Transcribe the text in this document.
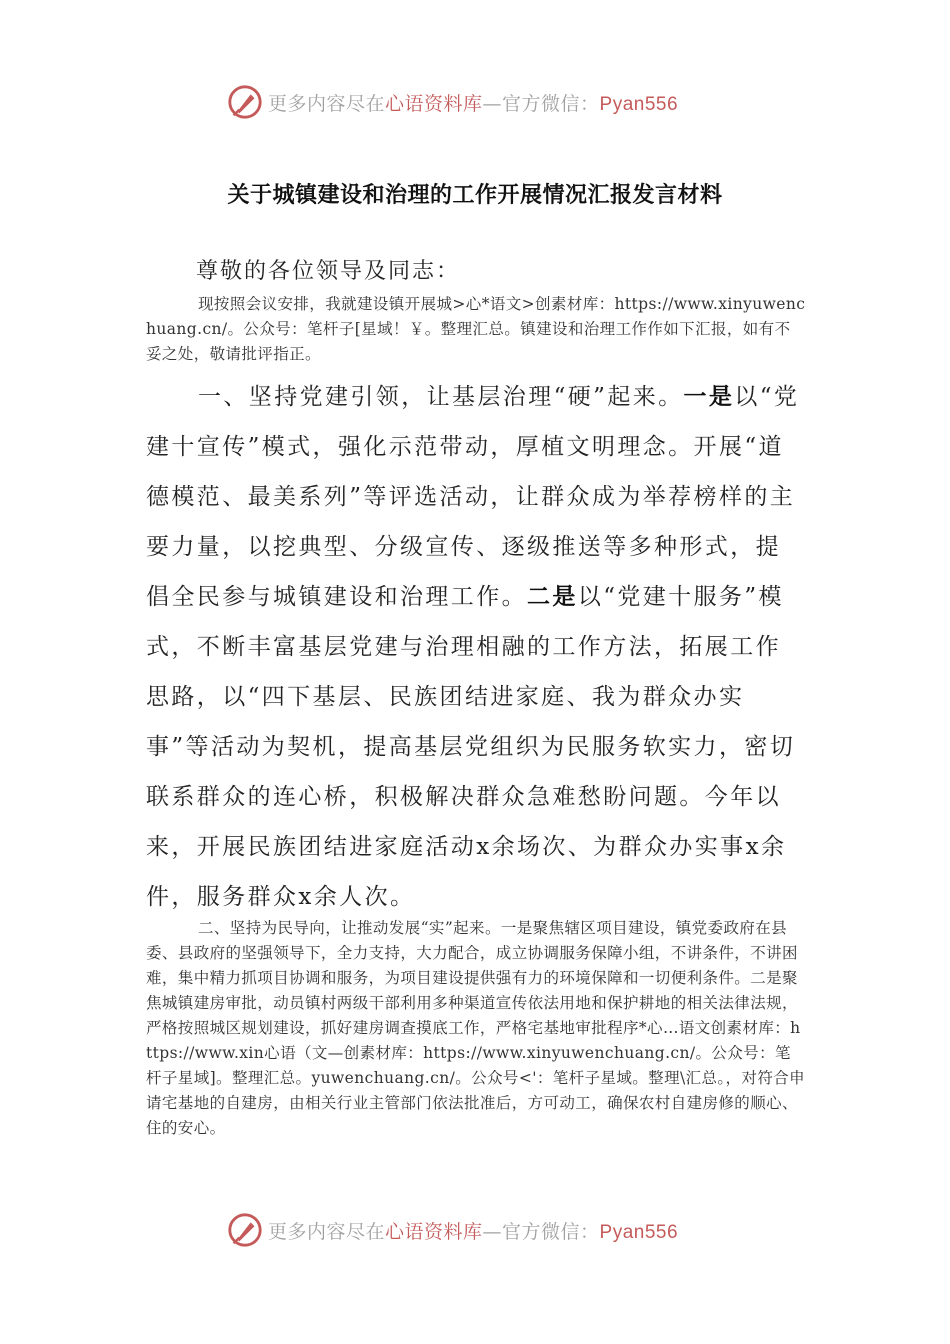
更多内容尽在心语资料库—官方微信：Pyan556
关于城镇建设和治理的工作开展情况汇报发言材料
尊敬的各位领导及同志：
现按照会议安排，我就建设镇开展城>心*语文>创素材库：https://www.xinyuwenchuang.cn/。公众号：笔杆子[星域！￥。整理汇总。镇建设和治理工作作如下汇报，如有不妥之处，敬请批评指正。
一、坚持党建引领，让基层治理“硬”起来。一是以“党建十宣传”模式，强化示范带动，厚植文明理念。开展“道德模范、最美系列”等评选活动，让群众成为举荐榜样的主要力量，以挖典型、分级宣传、逐级推送等多种形式，提倡全民参与城镇建设和治理工作。二是以“党建十服务”模式，不断丰富基层党建与治理相融的工作方法，拓展工作思路，以“四下基层、民族团结进家庭、我为群众办实事”等活动为契机，提高基层党组织为民服务软实力，密切联系群众的连心桥，积极解决群众急难愁盼问题。今年以来，开展民族团结进家庭活动x余场次、为群众办实事x余件，服务群众x余人次。
二、坚持为民导向，让推动发展“实”起来。一是聚焦辖区项目建设，镇党委政府在县委、县政府的坚强领导下，全力支持，大力配合，成立协调服务保障小组，不讲条件，不讲困难，集中精力抓项目协调和服务，为项目建设提供强有力的环境保障和一切便利条件。二是聚焦城镇建房审批，动员镇村两级干部利用多种渠道宣传依法用地和保护耕地的相关法律法规，严格按照城区规划建设，抓好建房调查摸底工作，严格宅基地审批程序*心…语文创素材库：https://www.xin心语（文—创素材库：https://www.xinyuwenchuang.cn/。公众号：笔杆子星域]。整理汇总。yuwenchuang.cn/。公众号<'：笔杆子星域。整理\汇总。，对符合申请宅基地的自建房，由相关行业主管部门依法批准后，方可动工，确保农村自建房修的顺心、住的安心。
更多内容尽在心语资料库—官方微信：Pyan556
